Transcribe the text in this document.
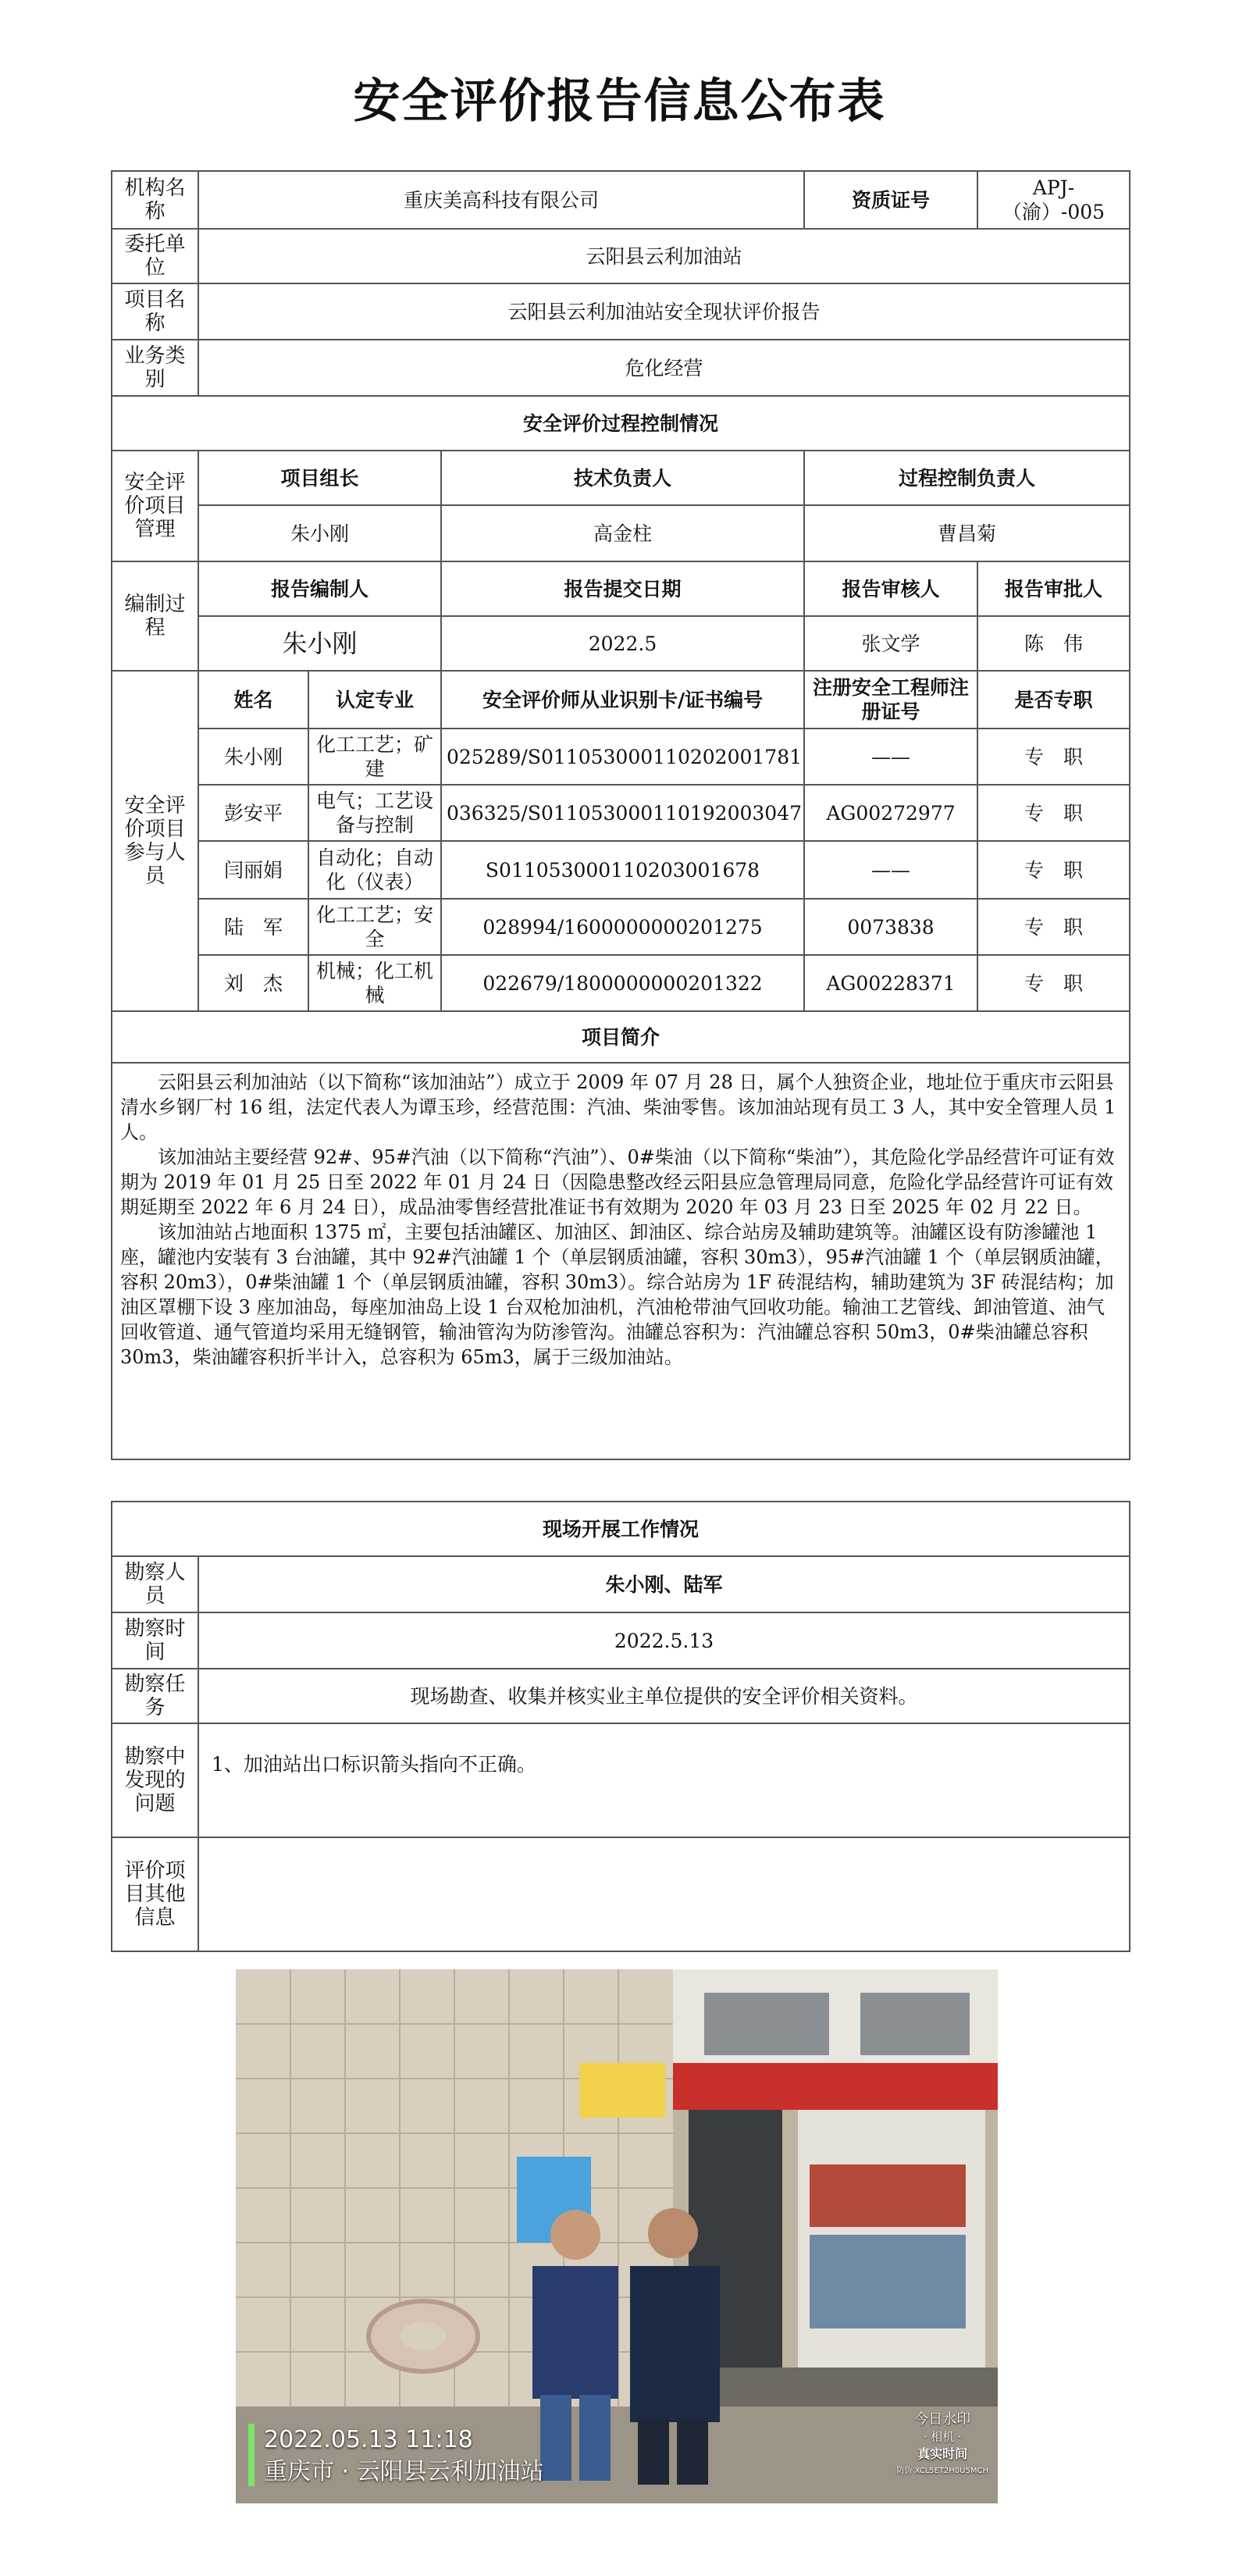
安全评价报告信息公布表
机构名称	重庆美高科技有限公司			资质证号	APJ-（渝）-005
委托单位	云阳县云利加油站				
项目名称	云阳县云利加油站安全现状评价报告				
业务类别	危化经营				
安全评价过程控制情况					
安全评价项目管理	项目组长		技术负责人	过程控制负责人	
	朱小刚		高金柱	曹昌菊	
编制过程	报告编制人		报告提交日期	报告审核人	报告审批人
	朱小刚		2022.5	张文学	陈　伟
安全评价项目参与人员	姓名	认定专业	安全评价师从业识别卡/证书编号	注册安全工程师注册证号	是否专职
	朱小刚	化工工艺；矿建	025289/S011053000110202001781	——	专　职
	彭安平	电气；工艺设备与控制	036325/S011053000110192003047	AG00272977	专　职
	闫丽娟	自动化；自动化（仪表）	S011053000110203001678	——	专　职
	陆　军	化工工艺；安全	028994/1600000000201275	0073838	专　职
	刘　杰	机械；化工机械	022679/1800000000201322	AG00228371	专　职
项目简介					

云阳县云利加油站（以下简称“该加油站”）成立于 2009 年 07 月 28 日，属个人独资企业，地址位于重庆市云阳县清水乡钢厂村 16 组，法定代表人为谭玉珍，经营范围：汽油、柴油零售。该加油站现有员工 3 人，其中安全管理人员 1 人。

该加油站主要经营 92#、95#汽油（以下简称“汽油”）、0#柴油（以下简称“柴油”），其危险化学品经营许可证有效期为 2019 年 01 月 25 日至 2022 年 01 月 24 日（因隐患整改经云阳县应急管理局同意，危险化学品经营许可证有效期延期至 2022 年 6 月 24 日），成品油零售经营批准证书有效期为 2020 年 03 月 23 日至 2025 年 02 月 22 日。

该加油站占地面积 1375 ㎡，主要包括油罐区、加油区、卸油区、综合站房及辅助建筑等。油罐区设有防渗罐池 1 座，罐池内安装有 3 台油罐，其中 92#汽油罐 1 个（单层钢质油罐，容积 30m3），95#汽油罐 1 个（单层钢质油罐，容积 20m3），0#柴油罐 1 个（单层钢质油罐，容积 30m3）。综合站房为 1F 砖混结构，辅助建筑为 3F 砖混结构；加油区罩棚下设 3 座加油岛，每座加油岛上设 1 台双枪加油机，汽油枪带油气回收功能。输油工艺管线、卸油管道、油气回收管道、通气管道均采用无缝钢管，输油管沟为防渗管沟。油罐总容积为：汽油罐总容积 50m3，0#柴油罐总容积 30m3，柴油罐容积折半计入，总容积为 65m3，属于三级加油站。					

现场开展工作情况	
勘察人员	朱小刚、陆军
勘察时间	2022.5.13
勘察任务	现场勘查、收集并核实业主单位提供的安全评价相关资料。
勘察中发现的问题	1、加油站出口标识箭头指向不正确。
评价项目其他信息	
2022.05.13 11:18
重庆市 · 云阳县云利加油站
今日水印
· 相机 ·
真实时间
防伪 XCL5ET2H0U5MCH
